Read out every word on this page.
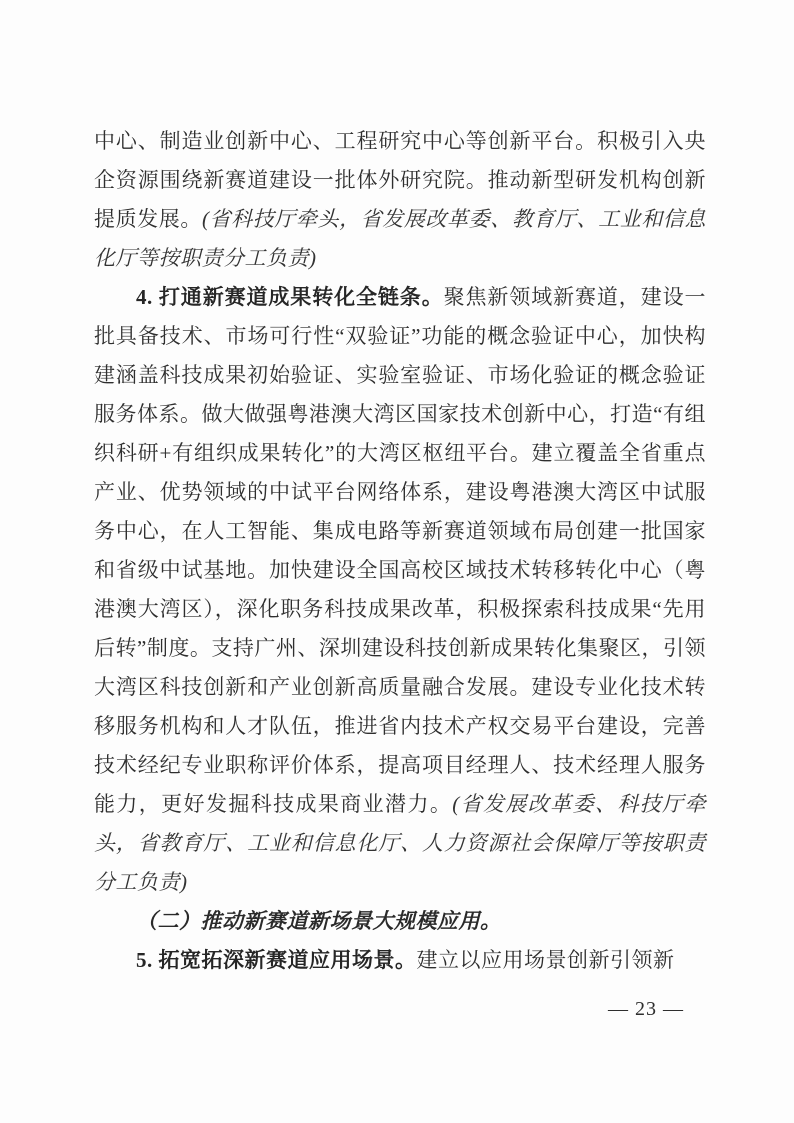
中心、制造业创新中心、工程研究中心等创新平台。积极引入央企资源围绕新赛道建设一批体外研究院。推动新型研发机构创新提质发展。(省科技厅牵头，省发展改革委、教育厅、工业和信息化厅等按职责分工负责)

4. 打通新赛道成果转化全链条。聚焦新领域新赛道，建设一批具备技术、市场可行性“双验证”功能的概念验证中心，加快构建涵盖科技成果初始验证、实验室验证、市场化验证的概念验证服务体系。做大做强粤港澳大湾区国家技术创新中心，打造“有组织科研+有组织成果转化”的大湾区枢纽平台。建立覆盖全省重点产业、优势领域的中试平台网络体系，建设粤港澳大湾区中试服务中心，在人工智能、集成电路等新赛道领域布局创建一批国家和省级中试基地。加快建设全国高校区域技术转移转化中心（粤港澳大湾区），深化职务科技成果改革，积极探索科技成果“先用后转”制度。支持广州、深圳建设科技创新成果转化集聚区，引领大湾区科技创新和产业创新高质量融合发展。建设专业化技术转移服务机构和人才队伍，推进省内技术产权交易平台建设，完善技术经纪专业职称评价体系，提高项目经理人、技术经理人服务能力，更好发掘科技成果商业潜力。(省发展改革委、科技厅牵头，省教育厅、工业和信息化厅、人力资源社会保障厅等按职责分工负责)

（二）推动新赛道新场景大规模应用。

5. 拓宽拓深新赛道应用场景。建立以应用场景创新引领新

— 23 —
